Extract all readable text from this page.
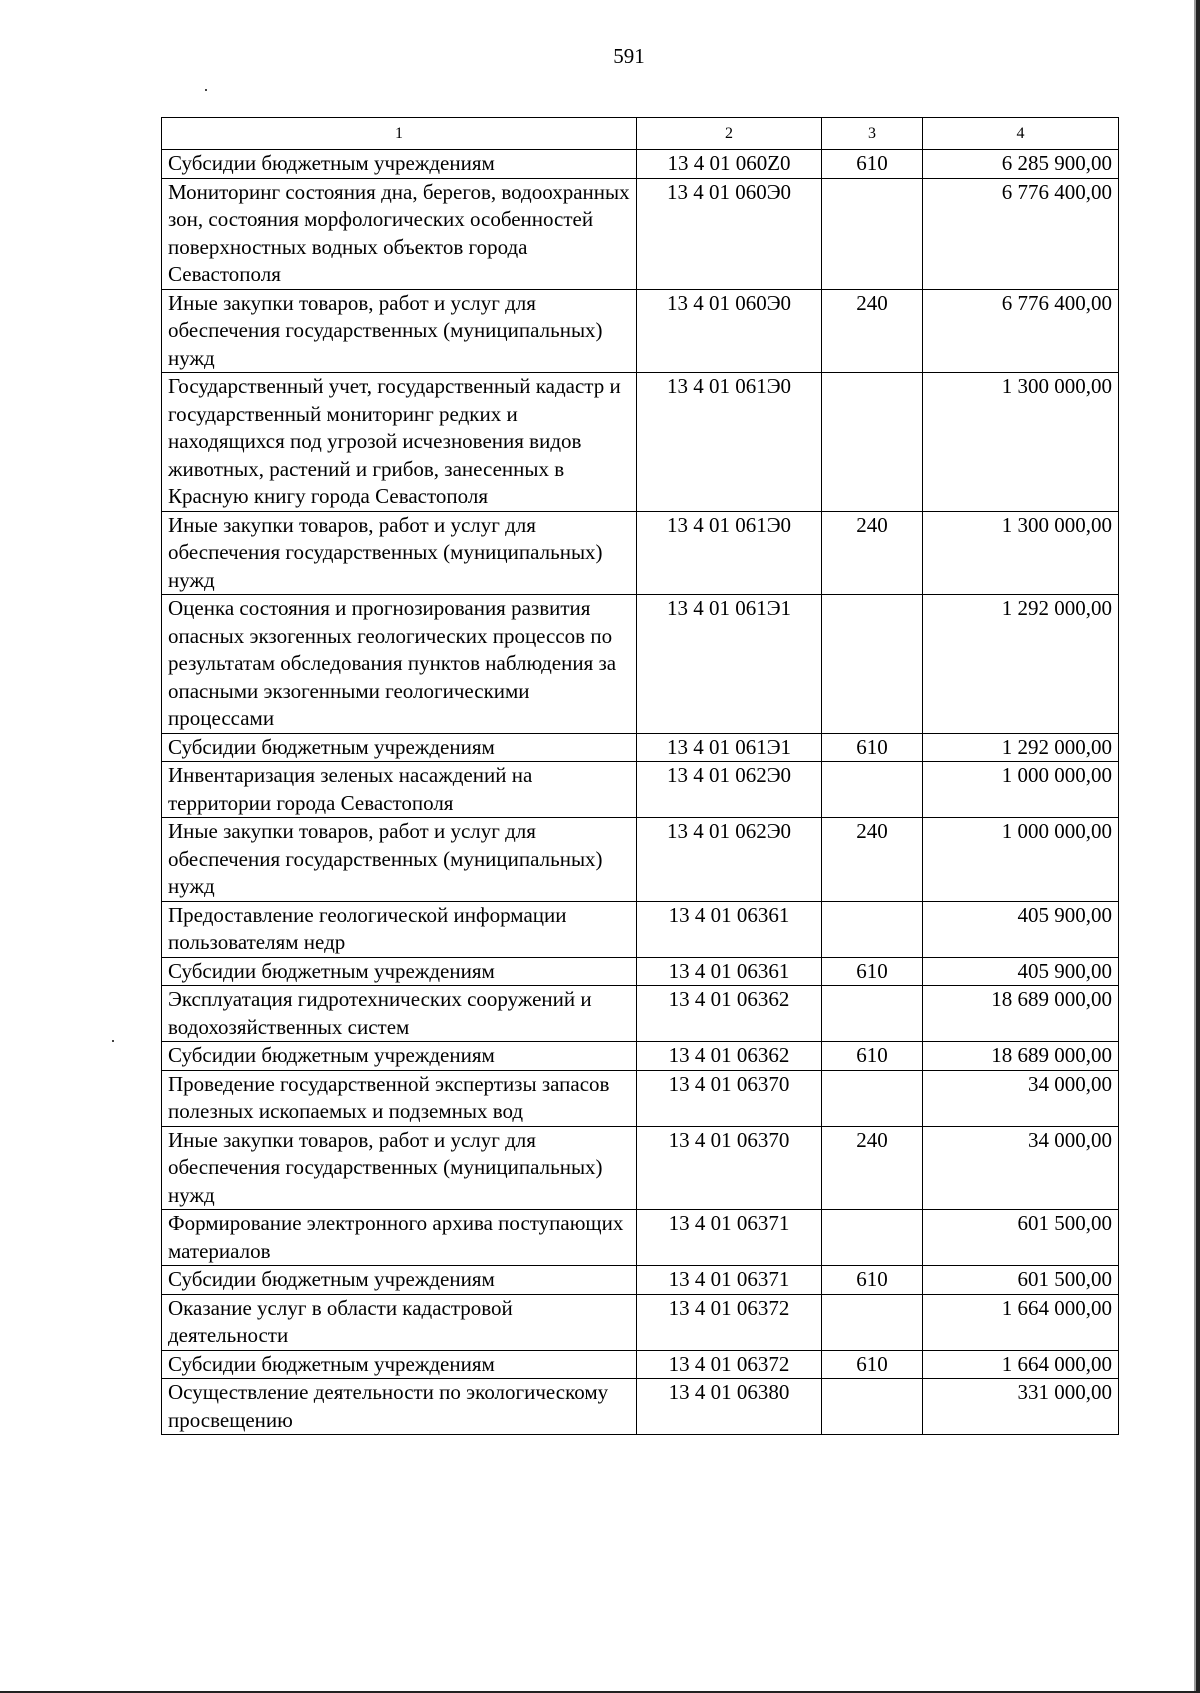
591
1	2	3	4
Субсидии бюджетным учреждениям	13 4 01 060Z0	610	6 285 900,00
Мониторинг состояния дна, берегов, водоохранных зон, состояния морфологических особенностей поверхностных водных объектов города Севастополя	13 4 01 060Э0		6 776 400,00
Иные закупки товаров, работ и услуг для обеспечения государственных (муниципальных) нужд	13 4 01 060Э0	240	6 776 400,00
Государственный учет, государственный кадастр и государственный мониторинг редких и находящихся под угрозой исчезновения видов животных, растений и грибов, занесенных в Красную книгу города Севастополя	13 4 01 061Э0		1 300 000,00
Иные закупки товаров, работ и услуг для обеспечения государственных (муниципальных) нужд	13 4 01 061Э0	240	1 300 000,00
Оценка состояния и прогнозирования развития опасных экзогенных геологических процессов по результатам обследования пунктов наблюдения за опасными экзогенными геологическими процессами	13 4 01 061Э1		1 292 000,00
Субсидии бюджетным учреждениям	13 4 01 061Э1	610	1 292 000,00
Инвентаризация зеленых насаждений на территории города Севастополя	13 4 01 062Э0		1 000 000,00
Иные закупки товаров, работ и услуг для обеспечения государственных (муниципальных) нужд	13 4 01 062Э0	240	1 000 000,00
Предоставление геологической информации пользователям недр	13 4 01 06361		405 900,00
Субсидии бюджетным учреждениям	13 4 01 06361	610	405 900,00
Эксплуатация гидротехнических сооружений и водохозяйственных систем	13 4 01 06362		18 689 000,00
Субсидии бюджетным учреждениям	13 4 01 06362	610	18 689 000,00
Проведение государственной экспертизы запасов полезных ископаемых и подземных вод	13 4 01 06370		34 000,00
Иные закупки товаров, работ и услуг для обеспечения государственных (муниципальных) нужд	13 4 01 06370	240	34 000,00
Формирование электронного архива поступающих материалов	13 4 01 06371		601 500,00
Субсидии бюджетным учреждениям	13 4 01 06371	610	601 500,00
Оказание услуг в области кадастровой деятельности	13 4 01 06372		1 664 000,00
Субсидии бюджетным учреждениям	13 4 01 06372	610	1 664 000,00
Осуществление деятельности по экологическому просвещению	13 4 01 06380		331 000,00
